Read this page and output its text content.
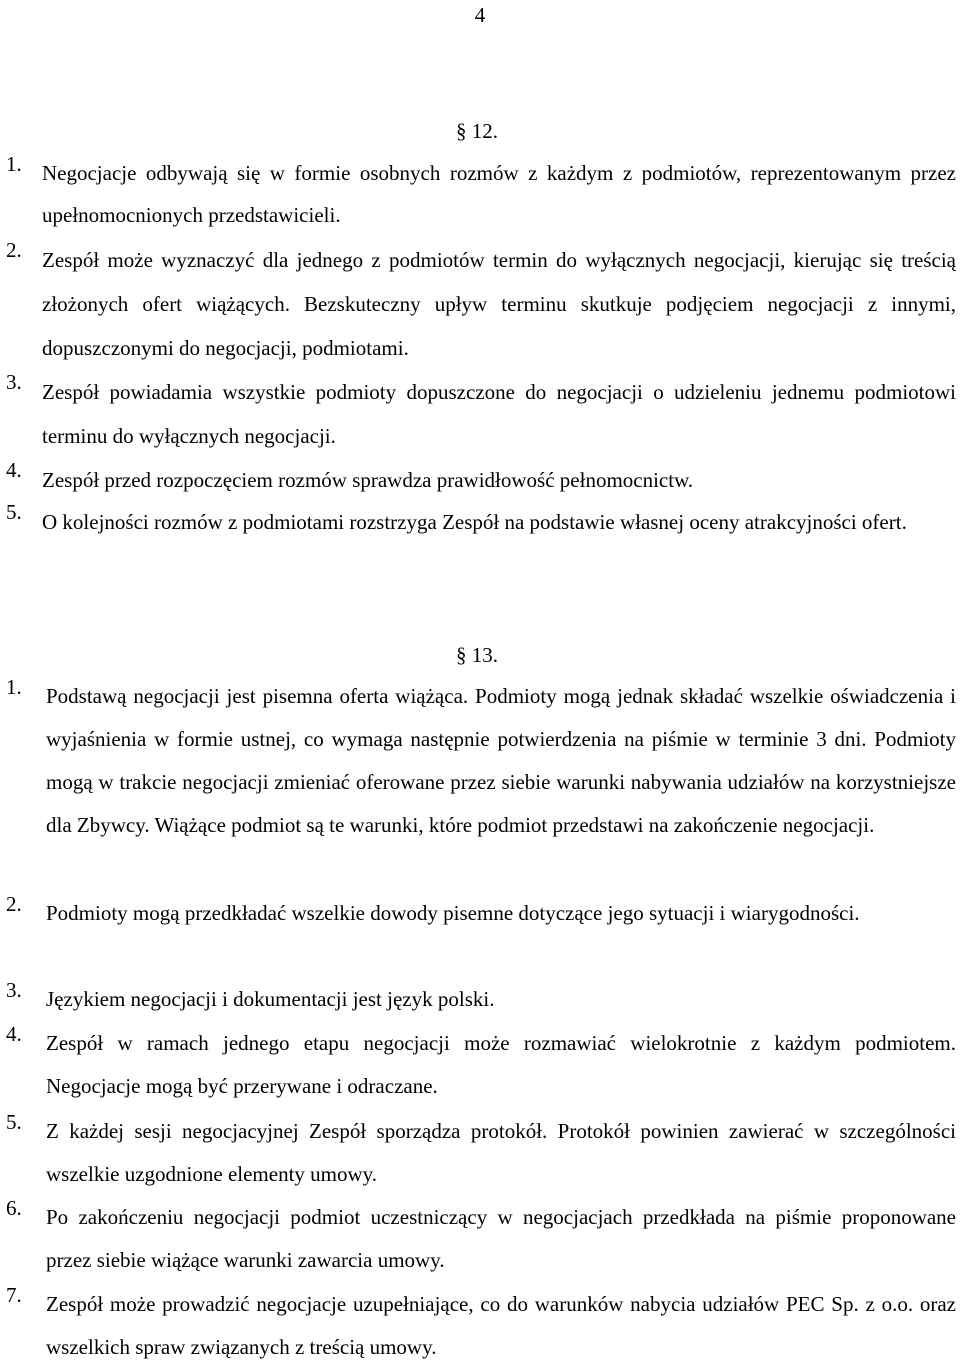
4
§ 12.
1. Negocjacje odbywają się w formie osobnych rozmów z każdym z podmiotów, reprezentowanym przez upełnomocnionych przedstawicieli.

2. Zespół może wyznaczyć dla jednego z podmiotów termin do wyłącznych negocjacji, kierując się treścią złożonych ofert wiążących. Bezskuteczny upływ terminu skutkuje podjęciem negocjacji z innymi, dopuszczonymi do negocjacji, podmiotami.

3. Zespół powiadamia wszystkie podmioty dopuszczone do negocjacji o udzieleniu jednemu podmiotowi terminu do wyłącznych negocjacji.

4. Zespół przed rozpoczęciem rozmów sprawdza prawidłowość pełnomocnictw.

5. O kolejności rozmów z podmiotami rozstrzyga Zespół na podstawie własnej oceny atrakcyjności ofert.

§ 13.
1. Podstawą negocjacji jest pisemna oferta wiążąca. Podmioty mogą jednak składać wszelkie oświadczenia i wyjaśnienia w formie ustnej, co wymaga następnie potwierdzenia na piśmie w terminie 3 dni. Podmioty mogą w trakcie negocjacji zmieniać oferowane przez siebie warunki nabywania udziałów na korzystniejsze dla Zbywcy. Wiążące podmiot są te warunki, które podmiot przedstawi na zakończenie negocjacji.

2. Podmioty mogą przedkładać wszelkie dowody pisemne dotyczące jego sytuacji i wiarygodności.

3. Językiem negocjacji i dokumentacji jest język polski.

4. Zespół w ramach jednego etapu negocjacji może rozmawiać wielokrotnie z każdym podmiotem. Negocjacje mogą być przerywane i odraczane.

5. Z każdej sesji negocjacyjnej Zespół sporządza protokół. Protokół powinien zawierać w szczególności wszelkie uzgodnione elementy umowy.

6. Po zakończeniu negocjacji podmiot uczestniczący w negocjacjach przedkłada na piśmie proponowane przez siebie wiążące warunki zawarcia umowy.

7. Zespół może prowadzić negocjacje uzupełniające, co do warunków nabycia udziałów PEC Sp. z o.o. oraz wszelkich spraw związanych z treścią umowy.
